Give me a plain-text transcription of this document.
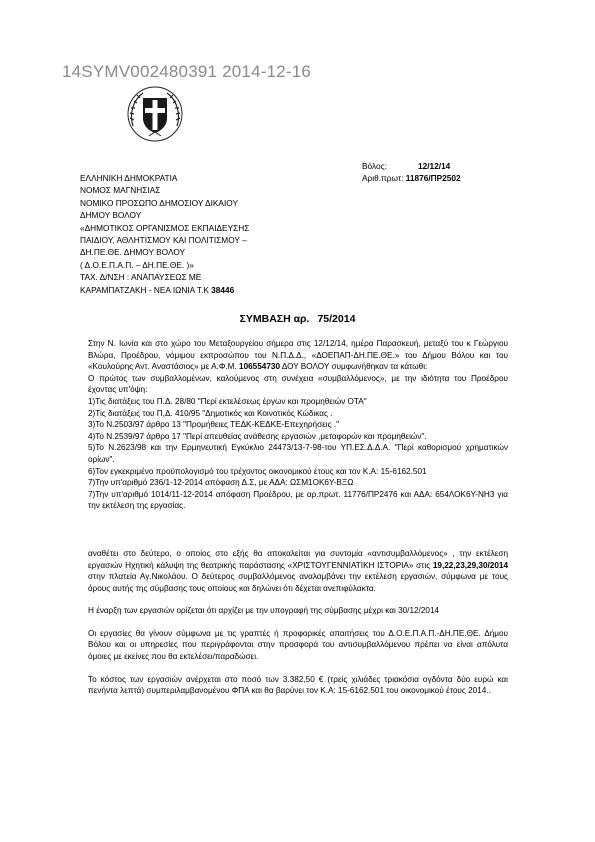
14SYMV002480391 2014-12-16
ΕΛΛΗΝΙΚΗ ΔΗΜΟΚΡΑΤΙΑ
ΝΟΜΟΣ ΜΑΓΝΗΣΙΑΣ
ΝΟΜΙΚΟ ΠΡΟΣΩΠΟ ΔΗΜΟΣΙΟΥ ΔΙΚΑΙΟΥ
ΔΗΜΟΥ ΒΟΛΟΥ
«ΔΗΜΟΤΙΚΟΣ ΟΡΓΑΝΙΣΜΟΣ ΕΚΠΑΙΔΕΥΣΗΣ
ΠΑΙΔΙΟΥ, ΑΘΛΗΤΙΣΜΟΥ ΚΑΙ ΠΟΛΙΤΙΣΜΟΥ –
ΔΗ.ΠΕ.ΘΕ. ΔΗΜΟΥ ΒΟΛΟΥ
( Δ.Ο.Ε.Π.Α.Π. – ΔΗ.ΠΕ.ΘΕ. )»
ΤΑΧ. Δ/ΝΣΗ : ΑΝΑΠΑΥΣΕΩΣ ΜΕ
ΚΑΡΑΜΠΑΤΖΑΚΗ - ΝΕΑ ΙΩΝΙΑ Τ.Κ 38446
Βόλος:	12/12/14
Αριθ.πρωτ: 11876/ΠΡ2502
ΣΥΜΒΑΣΗ αρ. 75/2014

Στην Ν. Ιωνία και στο χώρο του Μεταξουργείου σήμερα στις 12/12/14, ημέρα Παρασκευή, μεταξύ του κ Γεώργιου Βλώρα, Προέδρου, νόμιμου εκπροσώπου του Ν.Π.Δ.Δ., «ΔΟΕΠΑΠ-ΔΗ.ΠΕ.ΘΕ.» του Δήμου Βόλου και του «Κουλούρης Αντ. Αναστάσιος» με Α.Φ.Μ. 106554730 ΔΟΥ ΒΟΛΟΥ συμφωνήθηκαν τα κάτωθι:

Ο πρώτος των συμβαλλομένων, καλούμενος στη συνέχεια «συμβαλλόμενος», με την ιδιότητα του Προέδρου έχοντας υπ'όψη:

1)Τις διατάξεις του Π.Δ. 28/80 "Περί εκτελέσεως έργων και προμηθειών ΟΤΑ"
2)Τις διατάξεις του Π,Δ. 410/95 "Δημοτικός και Κοινοτικός Κώδικας .
3)Το Ν.2503/97 άρθρο 13 "Προμήθειες ΤΕΔΚ-ΚΕΔΚΕ-Επεχηρήσεις ."
4)Το Ν.2539/97 άρθρο 17 "Περί απευθείας ανάθεσης εργασιών ,μεταφορών και προμηθειών".
5)Το Ν.2623/98 και την Ερμηνευτική Εγκύκλιο 24473/13-7-98-του ΥΠ.ΕΣ.Δ.Δ.Α. "Περί καθορισμού χρηματικών ορίων".
6)Τον εγκεκριμένο προϋπολογισμό του τρέχοντος οικονομικού έτους και τον Κ.Α: 15-6162.501
7)Την υπ'αριθμό 236/1-12-2014 απόφαση Δ.Σ, με ΑΔΑ: ΩΣΜ1ΟΚ6Υ-ΒΞΩ
7)Την υπ'αριθμό 1014/11-12-2014 απόφαση Προέδρου, με αρ.πρωτ. 11776/ΠΡ2476 και ΑΔΑ: 654ΛΟΚ6Υ-ΝΗ3 για την εκτέλεση της εργασίας.

αναθέτει στο δεύτερο, ο οποίος στο εξής θα αποκαλείται για συντομία «αντισυμβαλλόμενος» , την εκτέλεση εργασιών Ηχητική κάλυψη της θεατρικής παράστασης «ΧΡΙΣΤΟΥΓΕΝΝΙΑΤΙΚΗ ΙΣΤΟΡΙΑ» στις 19,22,23,29,30/2014 στην πλατεία Αγ.Νικολάου. Ο δεύτερος συμβαλλόμενος αναλαμβάνει την εκτέλεση εργασιών, σύμφωνα με τους όρους αυτής της σύμβασης τους οποίους και δηλώνει ότι δέχεται ανεπιφύλακτα.

Η έναρξη των εργασιών ορίζεται ότι αρχίζει με την υπογραφή της σύμβασης μέχρι και 30/12/2014

Οι εργασίες θα γίνουν σύμφωνα με τις γραπτές ή προφορικές απαιτήσεις του Δ.Ο.Ε.Π.Α.Π.-ΔΗ.ΠΕ.ΘΕ. Δήμου Βόλου και οι υπηρεσίες που περιγράφονται στην προσφορά του αντισυμβαλλόμενου πρέπει να είναι απόλυτα όμοιες με εκείνες που θα εκτελέσει/παραδώσει.

Το κόστος των εργασιών ανέρχεται στο ποσό των 3.382,50 € (τρείς χιλιάδες τριακόσια ογδόντα δύο ευρώ και πενήντα λεπτά) συμπεριλαμβανομένου ΦΠΑ και θα βαρύνει τον Κ.Α: 15-6162.501 του οικονομικού έτους 2014..
